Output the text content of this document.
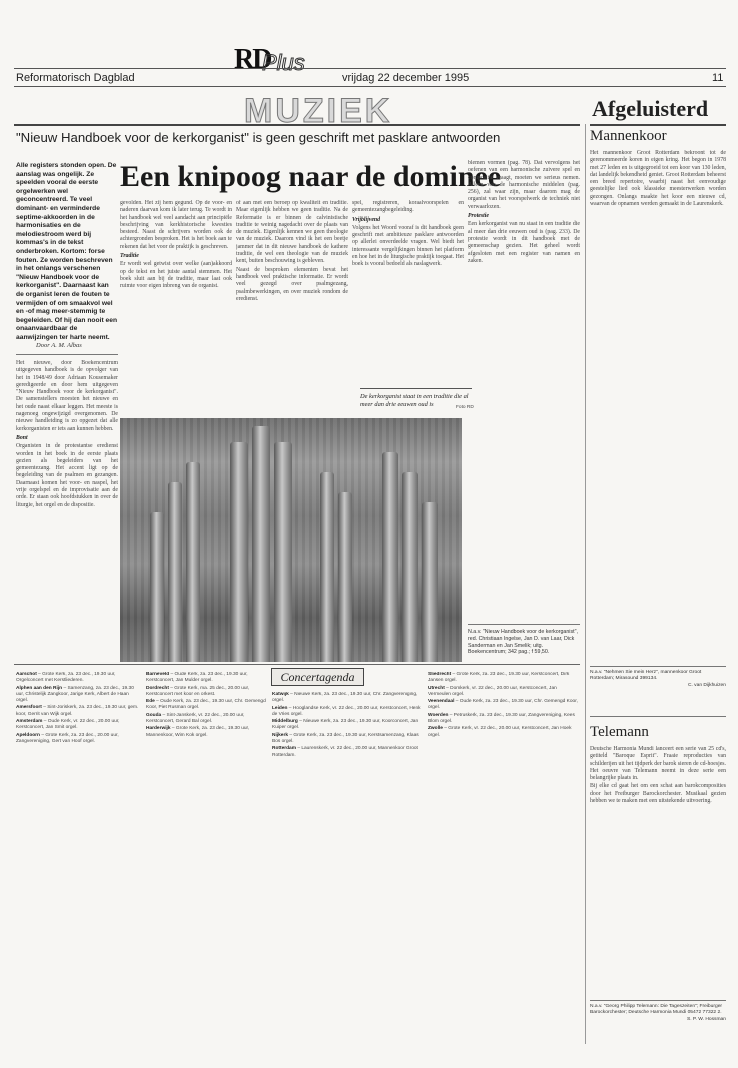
RD
Plus
Reformatorisch Dagblad	vrijdag 22 december 1995	11
MUZIEK	Afgeluisterd
"Nieuw Handboek voor de kerkorganist" is geen geschrift met pasklare antwoorden
Alle registers stonden open. De aanslag was ongelijk. Ze speelden vooral de eerste orgelwerken wel geconcentreerd. Te veel dominant- en verminderde septime-akkoorden in de harmonisaties en de melodiestroom werd bij kommas's in de tekst onderbroken. Kortom: forse fouten. Ze worden beschreven in het onlangs verschenen "Nieuw Handboek voor de kerkorganist". Daarnaast kan de organist leren de fouten te vermijden of om smaakvol wel en -of mag meer-stemmig te begeleiden. Of hij dan nooit een onaanvaardbaar de aanwijzingen ter harte neemt.
Door A. M. Albas

Het nieuwe, door Boekencentrum uitgegeven handboek is de opvolger van het in 1948/49 door Adriaan Kousemaker geredigeerde en door hem uitgegeven "Nieuw Handboek voor de kerkorganist". De samenstellers moesten het nieuwe en het oude naast elkaar leggen. Het meeste is nagenoeg ongewijzigd overgenomen. De nieuwe handleiding is zo opgezet dat alle kerkorganisten er iets aan kunnen hebben.

Bont

Organisten in de protestantse eredienst worden in het boek in de eerste plaats gezien als begeleiders van het gemeentezang. Het accent ligt op de begeleiding van de psalmen en gezangen. Daarnaast komen het voor- en naspel, het vrije orgelspel en de improvisatie aan de orde. Er staan ook hoofdstukken in over de liturgie, het orgel en de dispositie.

Een knipoog naar de dominee

gevolden. Het zij hem gegund. Op de voor- en naderen daarvan kom ik later terug. Te wordt in het handboek wel veel aandacht aan principiële beschrijving van kerkhistorische kwesties besteed. Naast de schrijvers worden ook de achtergronden besproken. Het is het boek aan te rekenen dat het voor de praktijk is geschreven.

Traditie

Er wordt wel getwist over welke (aan)akkoord op de tekst en het juiste aantal stemmen. Het boek sluit aan bij de traditie, maar laat ook ruimte voor eigen inbreng van de organist.

of aan met een beroep op kwaliteit en traditie. Maar eigenlijk hebben we geen traditie. Na de Reformatie is er binnen de calvinistische traditie te weinig nagedacht over de plaats van de muziek. Eigenlijk kennen we geen theologie van de muziek. Daarom vind ik het een beetje jammer dat in dit nieuwe handboek de kathere traditie, de wel een theologie van de muziek kent, buiten beschouwing is gebleven.

Naast de besproken elementen bevat het handboek veel praktische informatie. Er wordt veel gezegd over psalmgezang, psalmbewerkingen, en over muziek rondom de eredienst.

spel, registreren, koraalvoorspelen en gemeentezangbegeleiding.

Vrijblijvend

Volgens het Woord vooraf is dit handboek geen geschrift met ambitieuze pasklare antwoorden op allerlei onverdeelde vragen. Wel biedt het interessante vergelijkingen binnen het platform en hoe het in de liturgische praktijk toegaat. Het boek is vooral bedoeld als naslagwerk.

De kerkorganist staat in een traditie die al meer dan drie eeuwen oud is	Foto RD

blemen vormen (pag. 78). Dat vervolgens het oefenen van een harmonische zuivere spel en compositie vraagt, moeten we serieus nemen. Alleen van de harmonische middelen (pag. 256), zal waar zijn, maar daarom mag de organist van het voorspelwerk de techniek niet verwaarlozen.

Protestie

Een kerkorganist van nu staat in een traditie die al meer dan drie eeuwen oud is (pag. 233). De protestie wordt in dit handboek met de gemeenschap gezien. Het geheel wordt afgesloten met een register van namen en zaken.

N.a.v. "Nieuw Handboek voor de kerkorganist", red. Christiaan Ingelse, Jan D. van Laar, Dick Sanderman en Jan Smelik; uitg. Boekencentrum; 342 pag.; f 59,50.
Mannenkoor

Het mannenkoor Groot Rotterdam bekroont tot de gerenommeerde koren in eigen kring. Het begon in 1978 met 27 leden en is uitgegroeid tot een koor van 130 leden, dat landelijk bekendheid geniet. Groot Rotterdam beheerst een breed repertoire, waarbij naast het eenvoudige geestelijke lied ook klassieke meesterwerken worden gezongen. Onlangs maakte het koor een nieuwe cd, waarvan de opnamen werden gemaakt in de Laurenskerk.

N.a.v. "Nehmen Sie mein Herz", mannenkoor Groot Rotterdam; Mirasound 399134.
C. van Dijkhuizen
Telemann

Deutsche Harmonia Mundi lanceert een serie van 25 cd's, getiteld "Baroque Esprit". Fraaie reproducties van schilderijen uit het tijdperk der barok sieren de cd-hoesjes. Het oeuvre van Telemann neemt in deze serie een belangrijke plaats in.

Bij elke cd gaat het om een schat aan barokcomposities door het Freiburger Barockorchester. Musikaal gezien hebben we te maken met een uitstekende uitvoering.

N.a.v. "Georg Philipp Telemann: Die Tageszeiten"; Freiburger Barockorchester; Deutsche Harmonia Mundi 05472 77322 2.
S. P. W. Hossman
Concertagenda

Aarschot – Grote Kerk, za. 23 dec., 19.30 uur, Orgelconcert met Kerstliederen.

Alphen aan den Rijn – Samenzang, za. 23 dec., 19.30 uur, Christelijk Zangkoor, Jarige Kerk, Albert de Haan orgel.

Amersfoort – Sint-Joriskerk, za. 23 dec., 19.30 uur, gem. koor, Gerrit van Wijk orgel.

Amsterdam – Oude Kerk, vr. 22 dec., 20.00 uur, Kerstconcert, Jan Smit orgel.

Apeldoorn – Grote Kerk, za. 23 dec., 20.00 uur, Zangvereniging, Gert van Hoof orgel.

Barneveld – Oude Kerk, za. 23 dec., 19.30 uur, Kerstconcert, Jan Mulder orgel.

Dordrecht – Grote Kerk, ma. 25 dec., 20.00 uur, Kerstconcert met koor en orkest.

Ede – Oude Kerk, za. 23 dec., 19.30 uur, Chr. Gemengd Koor, Piet Rusman orgel.

Gouda – Sint-Janskerk, vr. 22 dec., 20.00 uur, Kerstconcert, Gerard Bal orgel.

Harderwijk – Grote Kerk, za. 23 dec., 19.30 uur, Mannenkoor, Wim Kok orgel.

Katwijk – Nieuwe Kerk, za. 23 dec., 19.30 uur, Chr. Zangvereniging, orgel.

Leiden – Hooglandse Kerk, vr. 22 dec., 20.00 uur, Kerstconcert, Henk de Vries orgel.

Middelburg – Nieuwe Kerk, za. 23 dec., 19.30 uur, Koorconcert, Jan Kuiper orgel.

Nijkerk – Grote Kerk, za. 23 dec., 19.30 uur, Kerstsamenzang, Klaas Bos orgel.

Rotterdam – Laurenskerk, vr. 22 dec., 20.00 uur, Mannenkoor Groot Rotterdam.

Sliedrecht – Grote Kerk, za. 23 dec., 19.30 uur, Kerstconcert, Dirk Jansen orgel.

Utrecht – Domkerk, vr. 22 dec., 20.00 uur, Kerstconcert, Jan Vermeulen orgel.

Veenendaal – Oude Kerk, za. 23 dec., 19.30 uur, Chr. Gemengd Koor, orgel.

Woerden – Petruskerk, za. 23 dec., 19.30 uur, Zangvereniging, Kees Blom orgel.

Zwolle – Grote Kerk, vr. 22 dec., 20.00 uur, Kerstconcert, Jan Hoek orgel.
